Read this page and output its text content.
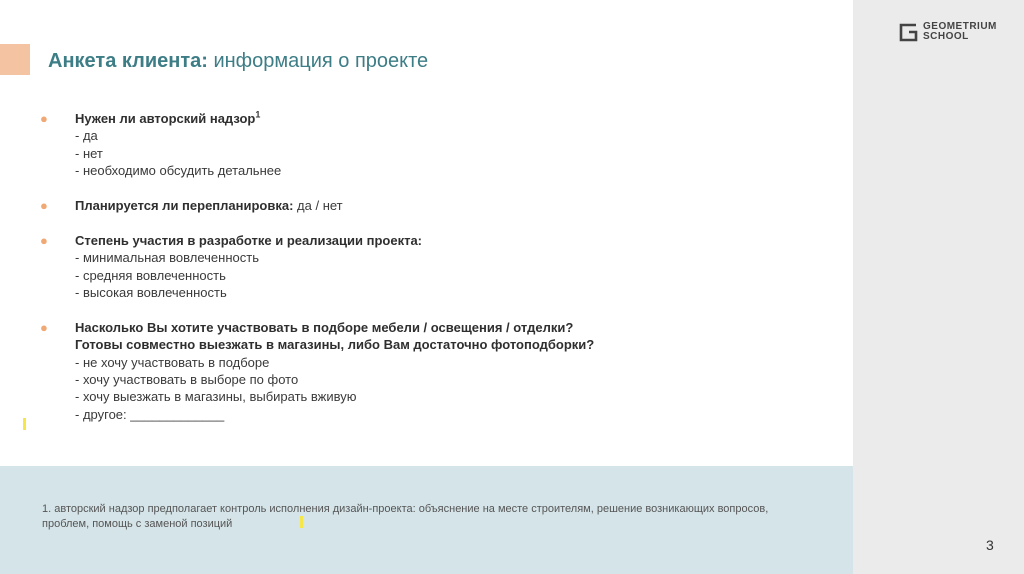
GEOMETRIUM
SCHOOL
Анкета клиента: информация о проекте
● Нужен ли авторский надзор$^1$
- да
- нет
- необходимо обсудить детальнее
● Планируется ли перепланировка: да / нет
● Степень участия в разработке и реализации проекта:
- минимальная вовлеченность
- средняя вовлеченность
- высокая вовлеченность
● Насколько Вы хотите участвовать в подборе мебели / освещения / отделки?
Готовы совместно выезжать в магазины, либо Вам достаточно фотоподборки?
- не хочу участвовать в подборе
- хочу участвовать в выборе по фото
- хочу выезжать в магазины, выбирать вживую
- другое: _____________
1. авторский надзор предполагает контроль исполнения дизайн-проекта: объяснение на месте строителям, решение возникающих вопросов, проблем, помощь с заменой позиций
3
